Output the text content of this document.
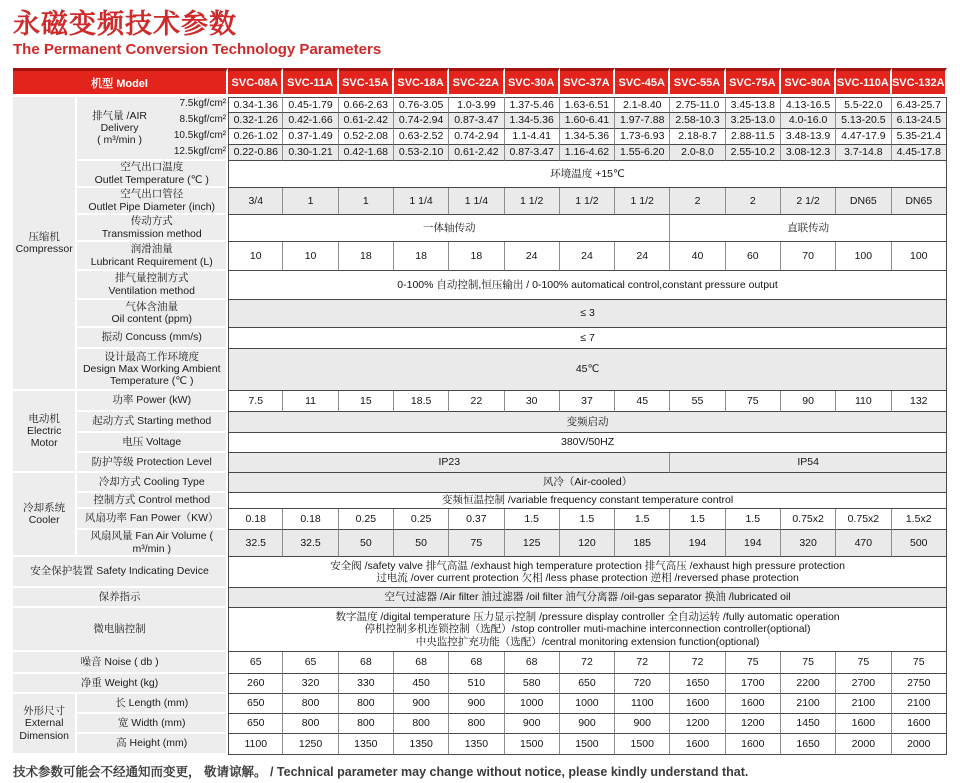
永磁变频技术参数
The Permanent Conversion Technology Parameters
机型 Model			SVC-08A	SVC-11A	SVC-15A	SVC-18A	SVC-22A	SVC-30A	SVC-37A	SVC-45A	SVC-55A	SVC-75A	SVC-90A	SVC-110A	SVC-132A

压缩机
Compressor

排气量 /AIR
Delivery
( m³/min )
	7.5kgf/cm²	0.34-1.36	0.45-1.79	0.66-2.63	0.76-3.05	1.0-3.99	1.37-5.46	1.63-6.51	2.1-8.40	2.75-11.0	3.45-13.8	4.13-16.5	5.5-22.0	6.43-25.7
		8.5kgf/cm²	0.32-1.26	0.42-1.66	0.61-2.42	0.74-2.94	0.87-3.47	1.34-5.36	1.60-6.41	1.97-7.88	2.58-10.3	3.25-13.0	4.0-16.0	5.13-20.5	6.13-24.5
		10.5kgf/cm²	0.26-1.02	0.37-1.49	0.52-2.08	0.63-2.52	0.74-2.94	1.1-4.41	1.34-5.36	1.73-6.93	2.18-8.7	2.88-11.5	3.48-13.9	4.47-17.9	5.35-21.4
		12.5kgf/cm²	0.22-0.86	0.30-1.21	0.42-1.68	0.53-2.10	0.61-2.42	0.87-3.47	1.16-4.62	1.55-6.20	2.0-8.0	2.55-10.2	3.08-12.3	3.7-14.8	4.45-17.8

	空气出口温度
Outlet Temperature (℃ )		环境温度 +15℃												

	空气出口管径
Outlet Pipe Diameter (inch)		3/4	1	1	1 1/4	1 1/4	1 1/2	1 1/2	1 1/2	2	2	2 1/2	DN65	DN65

	传动方式
Transmission method		一体轴传动								直联传动				

	润滑油量
Lubricant Requirement (L)		10	10	18	18	18	24	24	24	40	60	70	100	100

	排气量控制方式
Ventilation method		0-100% 自动控制,恒压输出 / 0-100% automatical control,constant pressure output												

	气体含油量
Oil content (ppm)		≤ 3												

	振动 Concuss (mm/s)		≤ 7												

	设计最高工作环境度
Design Max Working Ambient
Temperature (℃ )		45℃												

电动机
Electric Motor	功率 Power (kW)		7.5	11	15	18.5	22	30	37	45	55	75	90	110	132

	起动方式 Starting method		变频启动												

	电压 Voltage		380V/50HZ												

	防护等级 Protection Level		IP23								IP54				

冷却系统
Cooler	冷却方式 Cooling Type		风冷（Air-cooled）												

	控制方式 Control method		变频恒温控制 /variable frequency constant temperature control												

	风扇功率 Fan Power（KW）		0.18	0.18	0.25	0.25	0.37	1.5	1.5	1.5	1.5	1.5	0.75x2	0.75x2	1.5x2

	风扇风量 Fan Air Volume ( m³/min )		32.5	32.5	50	50	75	125	120	185	194	194	320	470	500

安全保护装置 Safety Indicating Device			安全阀 /safety valve 排气高温 /exhaust high temperature protection 排气高压 /exhaust high pressure protection
过电流 /over current protection 欠相 /less phase protection 逆相 /reversed phase protection												

保养指示			空气过滤器 /Air filter 油过滤器 /oil filter 油气分离器 /oil-gas separator 换油 /lubricated oil												

微电脑控制			数字温度 /digital temperature 压力显示控制 /pressure display controller 全自动运转 /fully automatic operation
停机控制多机连锁控制（选配）/stop controller muti-machine interconnection controller(optional)
中央监控扩充功能（选配）/central monitoring extension function(optional)												

噪音 Noise ( db )			65	65	68	68	68	68	72	72	72	75	75	75	75

净重 Weight (kg)			260	320	330	450	510	580	650	720	1650	1700	2200	2700	2750

外形尺寸
External
Dimension	长 Length (mm)		650	800	800	900	900	1000	1000	1100	1600	1600	2100	2100	2100

	宽 Width (mm)		650	800	800	800	800	900	900	900	1200	1200	1450	1600	1600

	高 Height (mm)		1100	1250	1350	1350	1350	1500	1500	1500	1600	1600	1650	2000	2000
技术参数可能会不经通知而变更， 敬请谅解。 / Technical parameter may change without notice, please kindly understand that.
